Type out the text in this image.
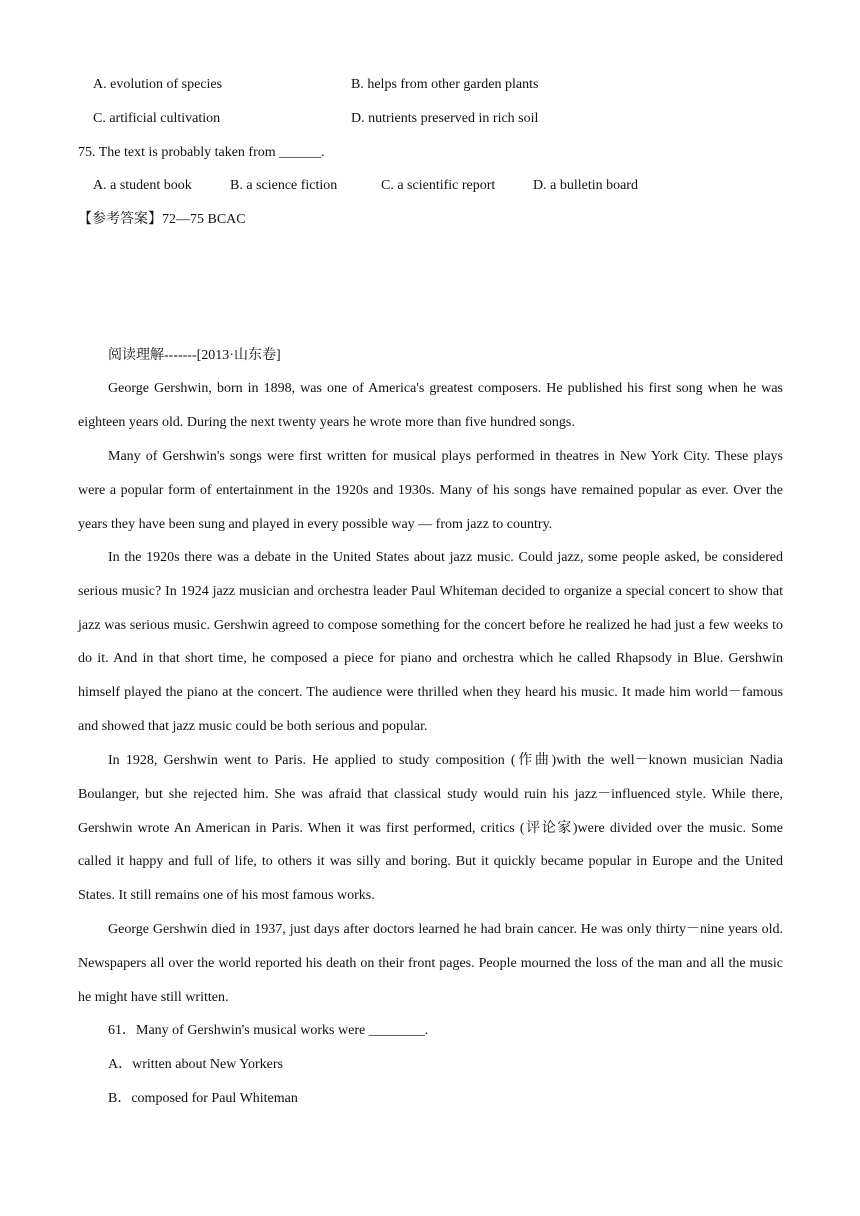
A. evolution of species	B. helps from other garden plants
C. artificial cultivation	D. nutrients preserved in rich soil
75. The text is probably taken from ______.
A. a student book	B. a science fiction	C. a scientific report	D. a bulletin board
【参考答案】72—75 BCAC
阅读理解-------[2013·山东卷]

George Gershwin, born in 1898, was one of America's greatest composers. He published his first song when he was eighteen years old. During the next twenty years he wrote more than five hundred songs.

Many of Gershwin's songs were first written for musical plays performed in theatres in New York City. These plays were a popular form of entertainment in the 1920s and 1930s. Many of his songs have remained popular as ever. Over the years they have been sung and played in every possible way — from jazz to country.

In the 1920s there was a debate in the United States about jazz music. Could jazz, some people asked, be considered serious music? In 1924 jazz musician and orchestra leader Paul Whiteman decided to organize a special concert to show that jazz was serious music. Gershwin agreed to compose something for the concert before he realized he had just a few weeks to do it. And in that short time, he composed a piece for piano and orchestra which he called Rhapsody in Blue. Gershwin himself played the piano at the concert. The audience were thrilled when they heard his music. It made him world－famous and showed that jazz music could be both serious and popular.

In 1928, Gershwin went to Paris. He applied to study composition (作曲)with the well－known musician Nadia Boulanger, but she rejected him. She was afraid that classical study would ruin his jazz－influenced style. While there, Gershwin wrote An American in Paris. When it was first performed, critics (评论家)were divided over the music. Some called it happy and full of life, to others it was silly and boring. But it quickly became popular in Europe and the United States. It still remains one of his most famous works.

George Gershwin died in 1937, just days after doctors learned he had brain cancer. He was only thirty－nine years old. Newspapers all over the world reported his death on their front pages. People mourned the loss of the man and all the music he might have still written.

61．Many of Gershwin's musical works were ________.
A．written about New Yorkers
B．composed for Paul Whiteman
